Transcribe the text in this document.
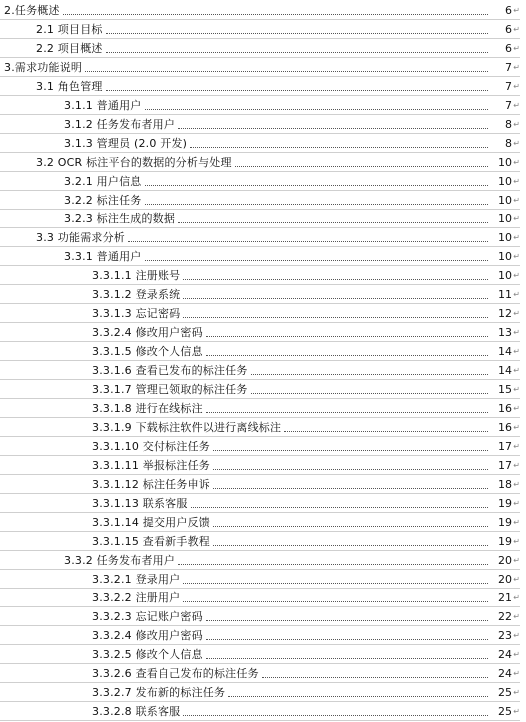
2.任务概述	6 ↵
2.1 项目目标	6 ↵
2.2 项目概述	6 ↵
3.需求功能说明	7 ↵
3.1 角色管理	7 ↵
3.1.1 普通用户	7 ↵
3.1.2 任务发布者用户	8 ↵
3.1.3 管理员 (2.0 开发)	8 ↵
3.2 OCR 标注平台的数据的分析与处理	10 ↵
3.2.1 用户信息	10 ↵
3.2.2 标注任务	10 ↵
3.2.3 标注生成的数据	10 ↵
3.3 功能需求分析	10 ↵
3.3.1 普通用户	10 ↵
3.3.1.1 注册账号	10 ↵
3.3.1.2 登录系统	11 ↵
3.3.1.3 忘记密码	12 ↵
3.3.2.4 修改用户密码	13 ↵
3.3.1.5 修改个人信息	14 ↵
3.3.1.6 查看已发布的标注任务	14 ↵
3.3.1.7 管理已领取的标注任务	15 ↵
3.3.1.8 进行在线标注	16 ↵
3.3.1.9 下载标注软件以进行离线标注	16 ↵
3.3.1.10 交付标注任务	17 ↵
3.3.1.11 举报标注任务	17 ↵
3.3.1.12 标注任务申诉	18 ↵
3.3.1.13 联系客服	19 ↵
3.3.1.14 提交用户反馈	19 ↵
3.3.1.15 查看新手教程	19 ↵
3.3.2 任务发布者用户	20 ↵
3.3.2.1 登录用户	20 ↵
3.3.2.2 注册用户	21 ↵
3.3.2.3 忘记账户密码	22 ↵
3.3.2.4 修改用户密码	23 ↵
3.3.2.5 修改个人信息	24 ↵
3.3.2.6 查看自己发布的标注任务	24 ↵
3.3.2.7 发布新的标注任务	25 ↵
3.3.2.8 联系客服	25 ↵
